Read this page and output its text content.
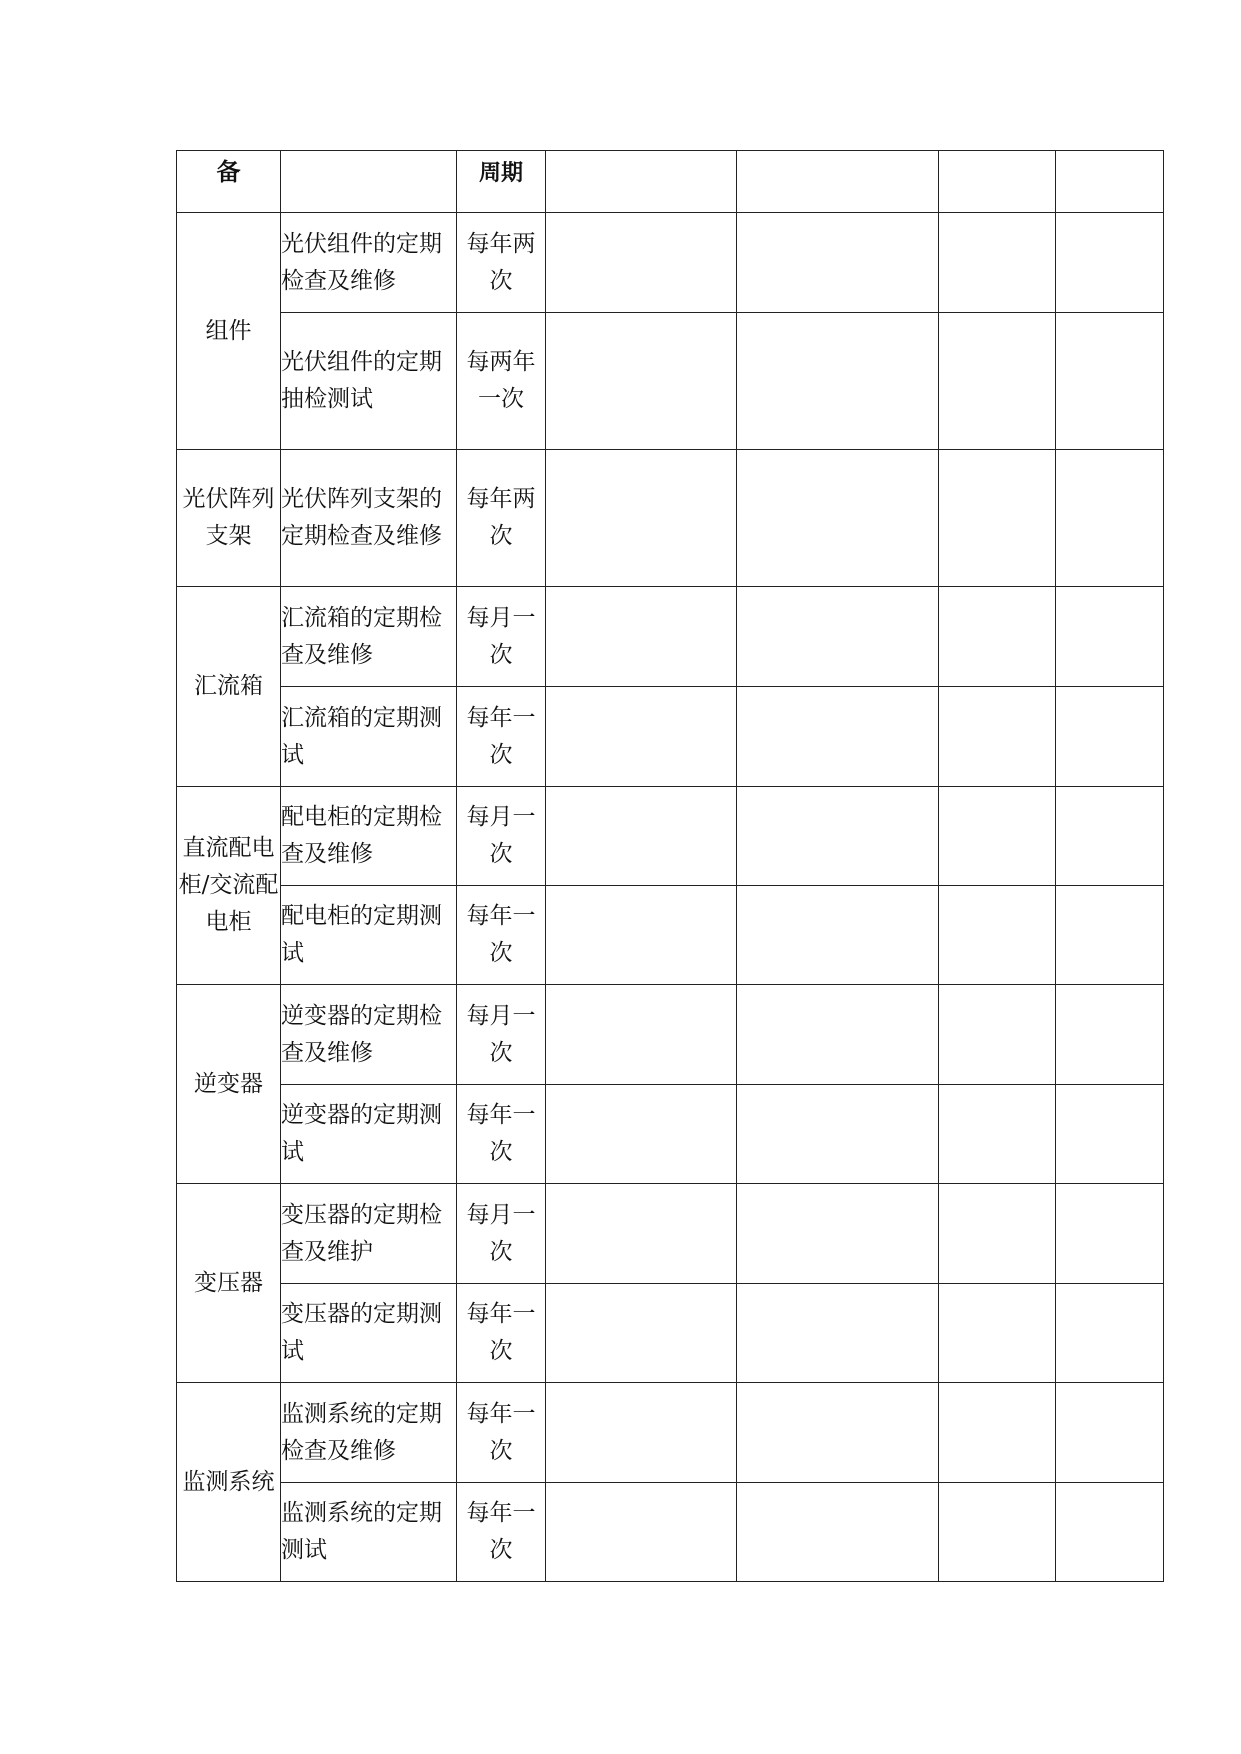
备		周期				
组件	光伏组件的定期检查及维修	每年两次				
	光伏组件的定期抽检测试	每两年一次				
光伏阵列支架	光伏阵列支架的定期检查及维修	每年两次				
汇流箱	汇流箱的定期检查及维修	每月一次				
	汇流箱的定期测试	每年一次				
直流配电柜/交流配电柜	配电柜的定期检查及维修	每月一次				
	配电柜的定期测试	每年一次				
逆变器	逆变器的定期检查及维修	每月一次				
	逆变器的定期测试	每年一次				
变压器	变压器的定期检查及维护	每月一次				
	变压器的定期测试	每年一次				
监测系统	监测系统的定期检查及维修	每年一次				
	监测系统的定期测试	每年一次				
